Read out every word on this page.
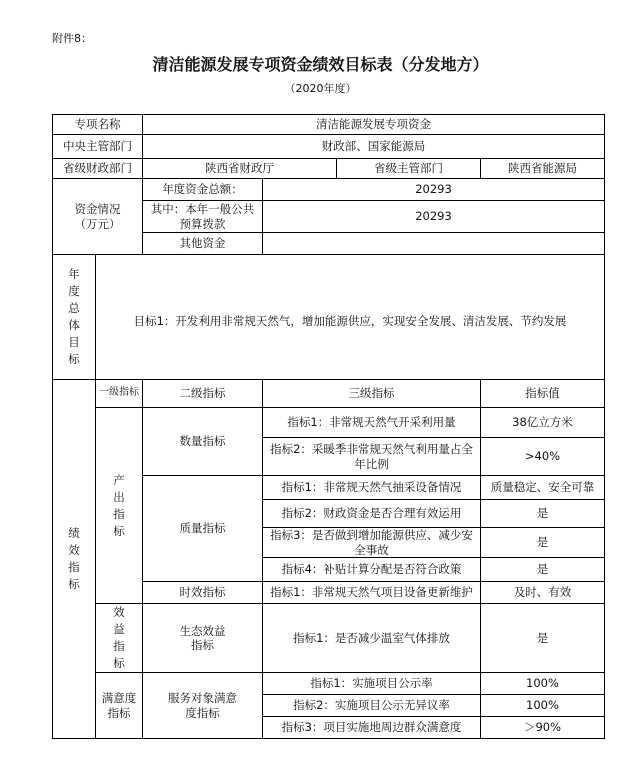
附件8：
清洁能源发展专项资金绩效目标表（分发地方）
（2020年度）
专项名称		清洁能源发展专项资金			
中央主管部门		财政部、国家能源局			
省级财政部门		陕西省财政厅		省级主管部门	陕西省能源局
资金情况（万元）		年度资金总额：	20293		
		其中：本年一般公共预算拨款	20293		
		其他资金			
年度总体目标	目标1：开发利用非常规天然气，增加能源供应，实现安全发展、清洁发展、节约发展				
绩效指标	一级指标	二级指标	三级指标		指标值
	产出指标	数量指标	指标1：非常规天然气开采利用量		38亿立方米
			指标2：采暖季非常规天然气利用量占全年比例		>40%
		质量指标	指标1：非常规天然气抽采设备情况		质量稳定、安全可靠
			指标2：财政资金是否合理有效运用		是
			指标3：是否做到增加能源供应、减少安全事故		是
			指标4：补贴计算分配是否符合政策		是
		时效指标	指标1：非常规天然气项目设备更新维护		及时、有效
	效益指标	生态效益指标	指标1：是否减少温室气体排放		是
	满意度指标	服务对象满意度指标	指标1：实施项目公示率		100%
			指标2：实施项目公示无异议率		100%
			指标3：项目实施地周边群众满意度		＞90%
